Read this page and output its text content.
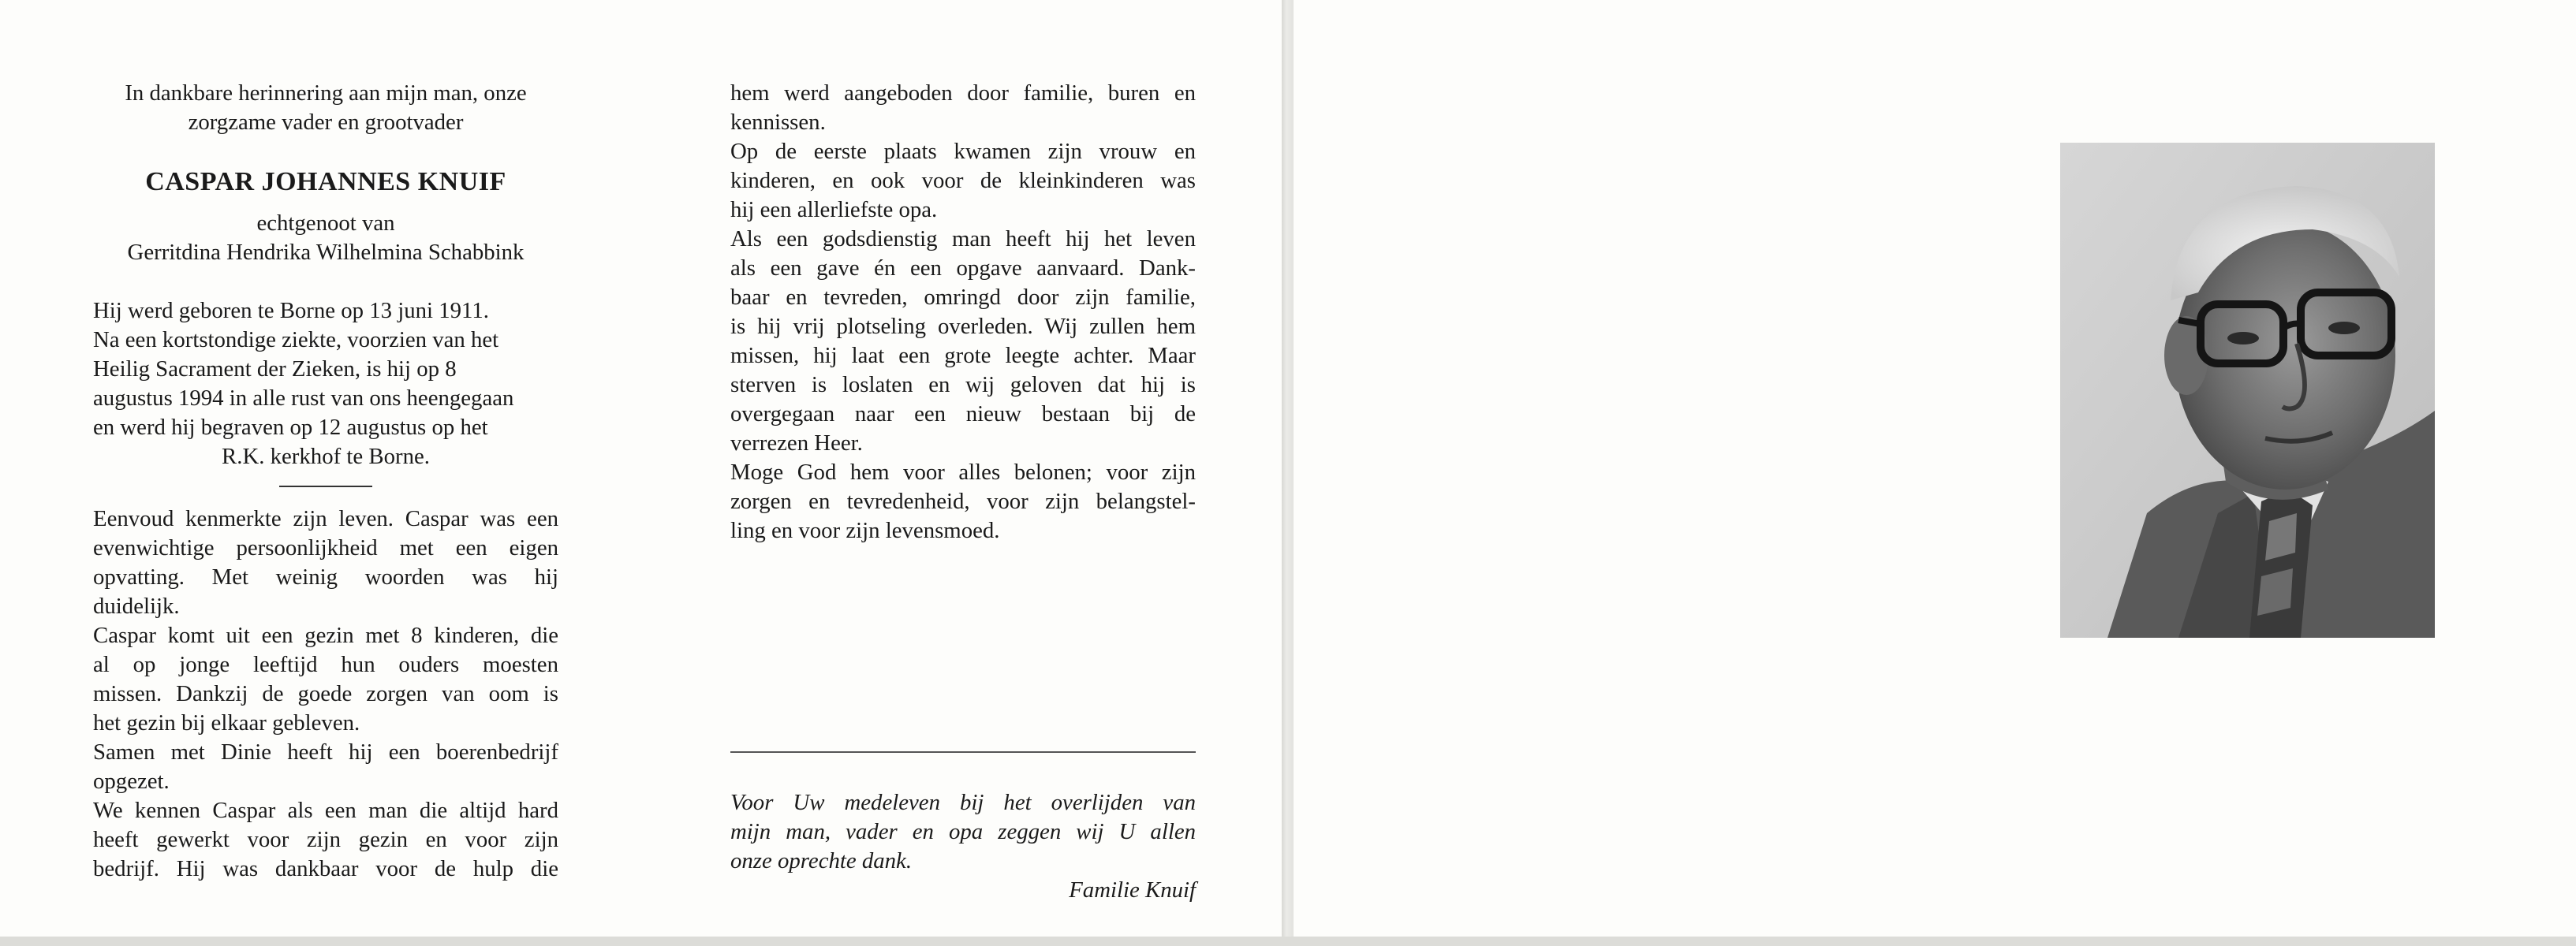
In dankbare herinnering aan mijn man, onze
zorgzame vader en grootvader
CASPAR JOHANNES KNUIF
echtgenoot van
Gerritdina Hendrika Wilhelmina Schabbink
Hij werd geboren te Borne op 13 juni 1911.
Na een kortstondige ziekte, voorzien van het
Heilig Sacrament der Zieken, is hij op 8
augustus 1994 in alle rust van ons heengegaan
en werd hij begraven op 12 augustus op het
R.K. kerkhof te Borne.

Eenvoud kenmerkte zijn leven. Caspar was een
evenwichtige persoonlijkheid met een eigen
opvatting. Met weinig woorden was hij

duidelijk.

Caspar komt uit een gezin met 8 kinderen, die
al op jonge leeftijd hun ouders moesten
missen. Dankzij de goede zorgen van oom is

het gezin bij elkaar gebleven.

Samen met Dinie heeft hij een boerenbedrijf

opgezet.

We kennen Caspar als een man die altijd hard
heeft gewerkt voor zijn gezin en voor zijn
bedrijf. Hij was dankbaar voor de hulp die

hem werd aangeboden door familie, buren en

kennissen.

Op de eerste plaats kwamen zijn vrouw en
kinderen, en ook voor de kleinkinderen was

hij een allerliefste opa.

Als een godsdienstig man heeft hij het leven
als een gave én een opgave aanvaard. Dank-
baar en tevreden, omringd door zijn familie,
is hij vrij plotseling overleden. Wij zullen hem
missen, hij laat een grote leegte achter. Maar
sterven is loslaten en wij geloven dat hij is
overgegaan naar een nieuw bestaan bij de

verrezen Heer.

Moge God hem voor alles belonen; voor zijn
zorgen en tevredenheid, voor zijn belangstel-

ling en voor zijn levensmoed.

Voor Uw medeleven bij het overlijden van
mijn man, vader en opa zeggen wij U allen

onze oprechte dank.
Familie Knuif
